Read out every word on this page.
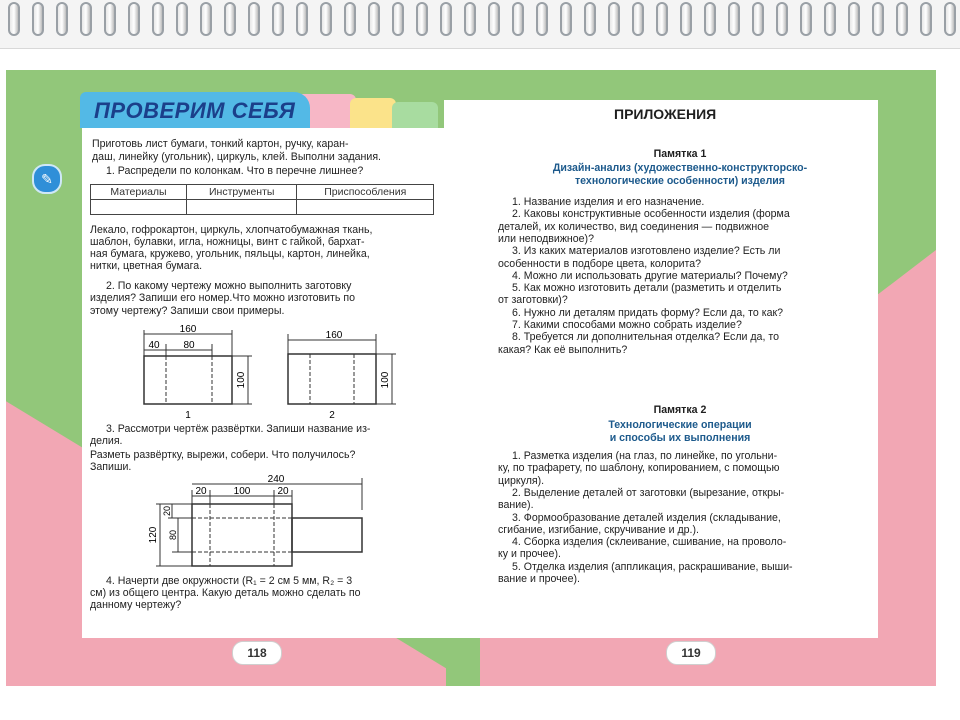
ПРОВЕРИМ СЕБЯ
✎
Приготовь лист бумаги, тонкий картон, ручку, каран-
даш, линейку (угольник), циркуль, клей. Выполни задания.
1. Распредели по колонкам. Что в перечне лишнее?
Материалы	Инструменты	Приспособления

Лекало, гофрокартон, циркуль, хлопчатобумажная ткань,
шаблон, булавки, игла, ножницы, винт с гайкой, бархат-
ная бумага, кружево, угольник, пяльцы, картон, линейка,
нитки, цветная бумага.
2. По какому чертежу можно выполнить заготовку
изделия? Запиши его номер.Что можно изготовить по
этому чертежу? Запиши свои примеры.
160
40 80
100
1
160
100
2
3. Рассмотри чертёж развёртки. Запиши название из-
делия.
Разметь развёртку, вырежи, собери. Что получилось?
Запиши.
240
20	100	20
120
20
80
4. Начерти две окружности (R₁ = 2 см 5 мм, R₂ = 3
см) из общего центра. Какую деталь можно сделать по
данному чертежу?
118
ПРИЛОЖЕНИЯ
Памятка 1
Дизайн-анализ (художественно-конструкторско-
технологические особенности) изделия
1. Название изделия и его назначение.
2. Каковы конструктивные особенности изделия (форма
деталей, их количество, вид соединения — подвижное
или неподвижное)?
3. Из каких материалов изготовлено изделие? Есть ли
особенности в подборе цвета, колорита?
4. Можно ли использовать другие материалы? Почему?
5. Как можно изготовить детали (разметить и отделить
от заготовки)?
6. Нужно ли деталям придать форму? Если да, то как?
7. Какими способами можно собрать изделие?
8. Требуется ли дополнительная отделка? Если да, то
какая? Как её выполнить?
Памятка 2
Технологические операции
и способы их выполнения
1. Разметка изделия (на глаз, по линейке, по угольни-
ку, по трафарету, по шаблону, копированием, с помощью
циркуля).
2. Выделение деталей от заготовки (вырезание, откры-
вание).
3. Формообразование деталей изделия (складывание,
сгибание, изгибание, скручивание и др.).
4. Сборка изделия (склеивание, сшивание, на проволо-
ку и прочее).
5. Отделка изделия (аппликация, раскрашивание, выши-
вание и прочее).
119
http://aida.ucoz.ru
